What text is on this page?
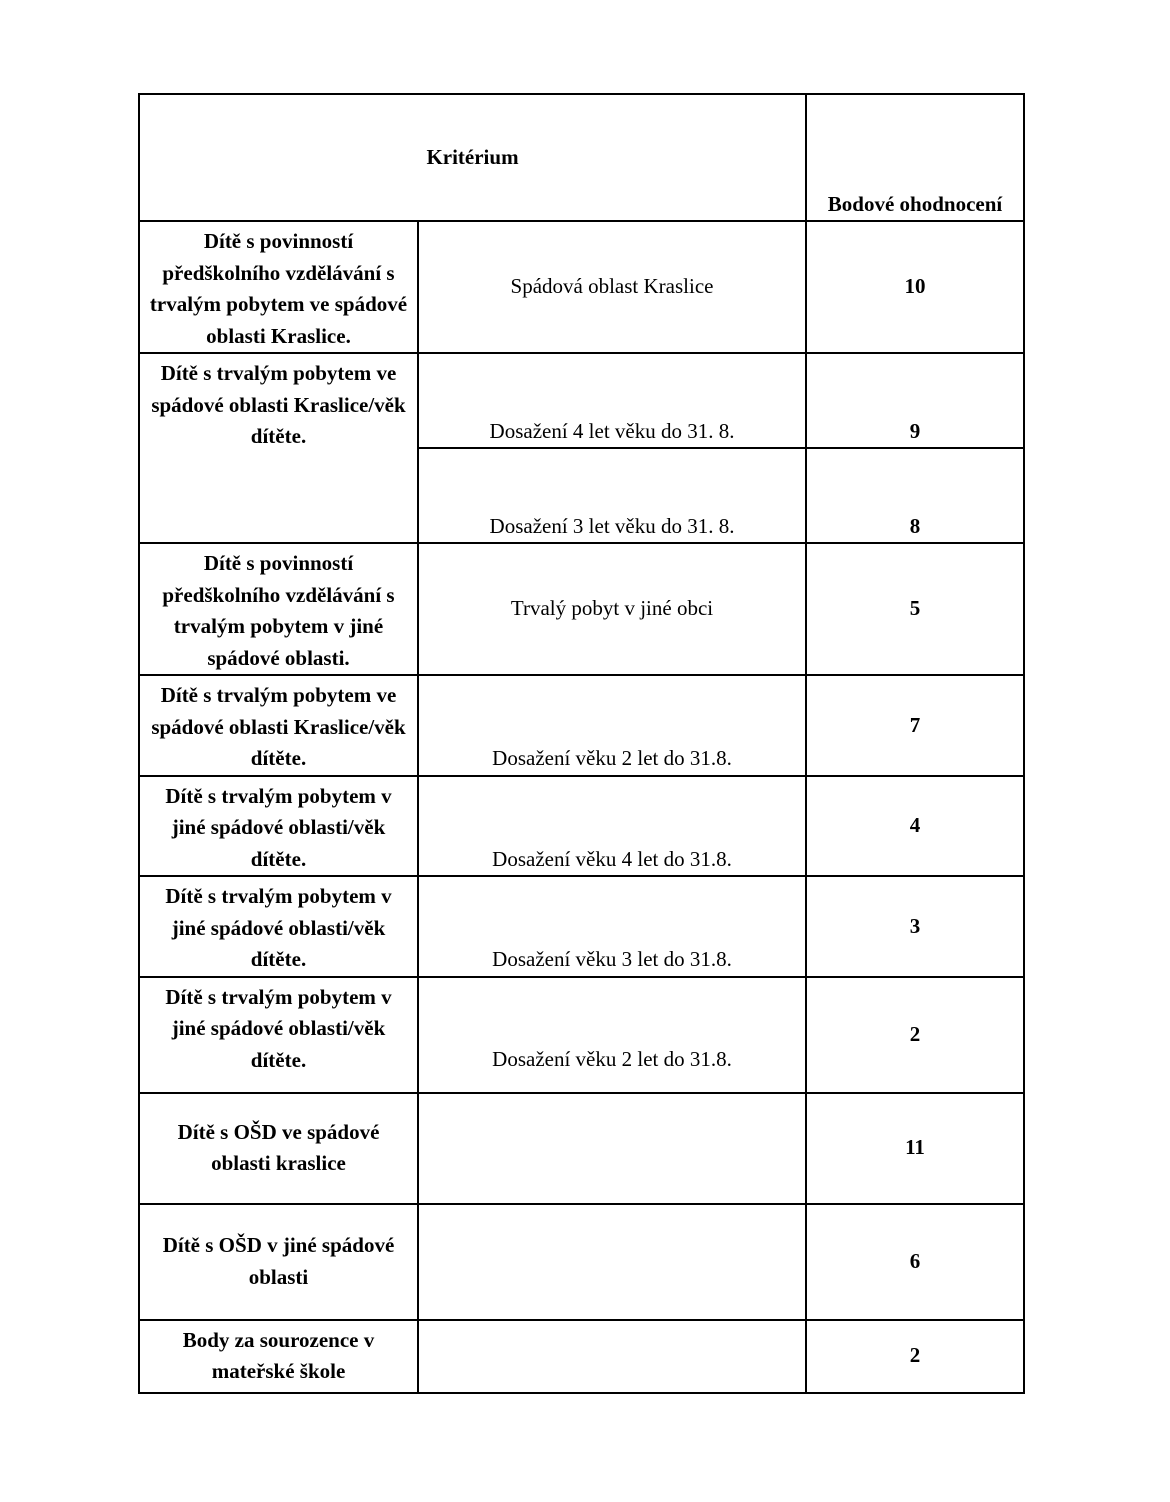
Kritérium		Bodové ohodnocení
Dítě s povinností předškolního vzdělávání s trvalým pobytem ve spádové oblasti Kraslice.	Spádová oblast Kraslice	10
Dítě s trvalým pobytem ve spádové oblasti Kraslice/věk dítěte.	Dosažení 4 let věku do 31. 8.	9
	Dosažení 3 let věku do 31. 8.	8
Dítě s povinností předškolního vzdělávání s trvalým pobytem v jiné spádové oblasti.	Trvalý pobyt v jiné obci	5
Dítě s trvalým pobytem ve spádové oblasti Kraslice/věk dítěte.	Dosažení věku 2 let do 31.8.	7
Dítě s trvalým pobytem v jiné spádové oblasti/věk dítěte.	Dosažení věku 4 let do 31.8.	4
Dítě s trvalým pobytem v jiné spádové oblasti/věk dítěte.	Dosažení věku 3 let do 31.8.	3
Dítě s trvalým pobytem v jiné spádové oblasti/věk dítěte.	Dosažení věku 2 let do 31.8.	2
Dítě s OŠD ve spádové oblasti kraslice		11
Dítě s OŠD v jiné spádové oblasti		6
Body za sourozence v mateřské škole		2
